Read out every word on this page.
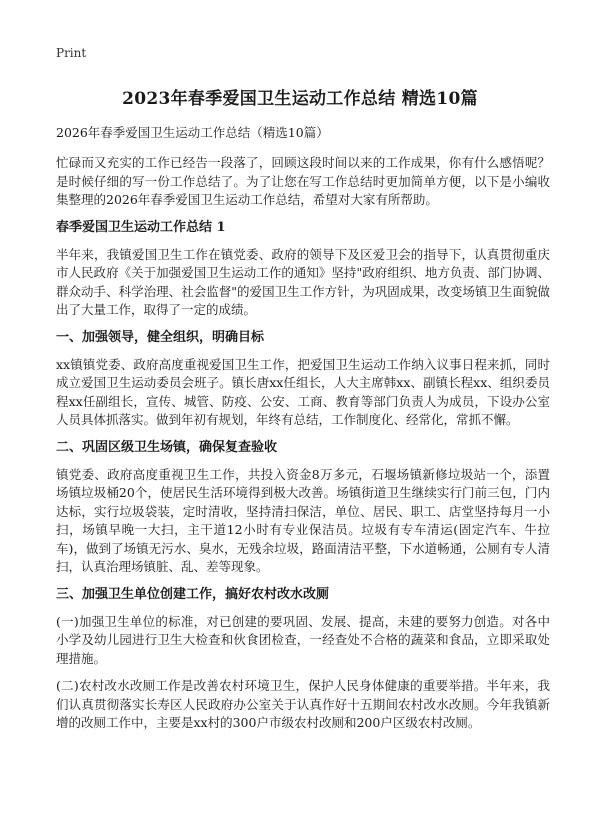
Print
2023年春季爱国卫生运动工作总结 精选10篇
2026年春季爱国卫生运动工作总结（精选10篇）

忙碌而又充实的工作已经告一段落了，回顾这段时间以来的工作成果，你有什么感悟呢？是时候仔细的写一份工作总结了。为了让您在写工作总结时更加简单方便，以下是小编收集整理的2026年春季爱国卫生运动工作总结，希望对大家有所帮助。

春季爱国卫生运动工作总结 1

半年来，我镇爱国卫生工作在镇党委、政府的领导下及区爱卫会的指导下，认真贯彻重庆市人民政府《关于加强爱国卫生运动工作的通知》坚持"政府组织、地方负责、部门协调、群众动手、科学治理、社会监督"的爱国卫生工作方针，为巩固成果，改变场镇卫生面貌做出了大量工作，取得了一定的成绩。

一、加强领导，健全组织，明确目标

xx镇镇党委、政府高度重视爱国卫生工作，把爱国卫生运动工作纳入议事日程来抓，同时成立爱国卫生运动委员会班子。镇长唐xx任组长，人大主席韩xx、副镇长程xx、组织委员程xx任副组长，宣传、城管、防疫、公安、工商、教育等部门负责人为成员，下设办公室人员具体抓落实。做到年初有规划，年终有总结，工作制度化、经常化，常抓不懈。

二、巩固区级卫生场镇，确保复查验收

镇党委、政府高度重视卫生工作，共投入资金8万多元，石堰场镇新修垃圾站一个，添置场镇垃圾桶20个，使居民生活环境得到极大改善。场镇街道卫生继续实行门前三包，门内达标，实行垃圾袋装，定时清收，坚持清扫保洁，单位、居民、职工、店堂坚持每月一小扫，场镇早晚一大扫，主干道12小时有专业保洁员。垃圾有专车清运(固定汽车、牛拉车)，做到了场镇无污水、臭水，无残余垃圾，路面清洁平整，下水道畅通，公厕有专人清扫，认真治理场镇脏、乱、差等现象。

三、加强卫生单位创建工作，搞好农村改水改厕

(一)加强卫生单位的标准，对已创建的要巩固、发展、提高，未建的要努力创造。对各中小学及幼儿园进行卫生大检查和伙食团检查，一经查处不合格的蔬菜和食品，立即采取处理措施。

(二)农村改水改厕工作是改善农村环境卫生，保护人民身体健康的重要举措。半年来，我们认真贯彻落实长寿区人民政府办公室关于认真作好十五期间农村改水改厕。今年我镇新增的改厕工作中，主要是xx村的300户市级农村改厕和200户区级农村改厕。
